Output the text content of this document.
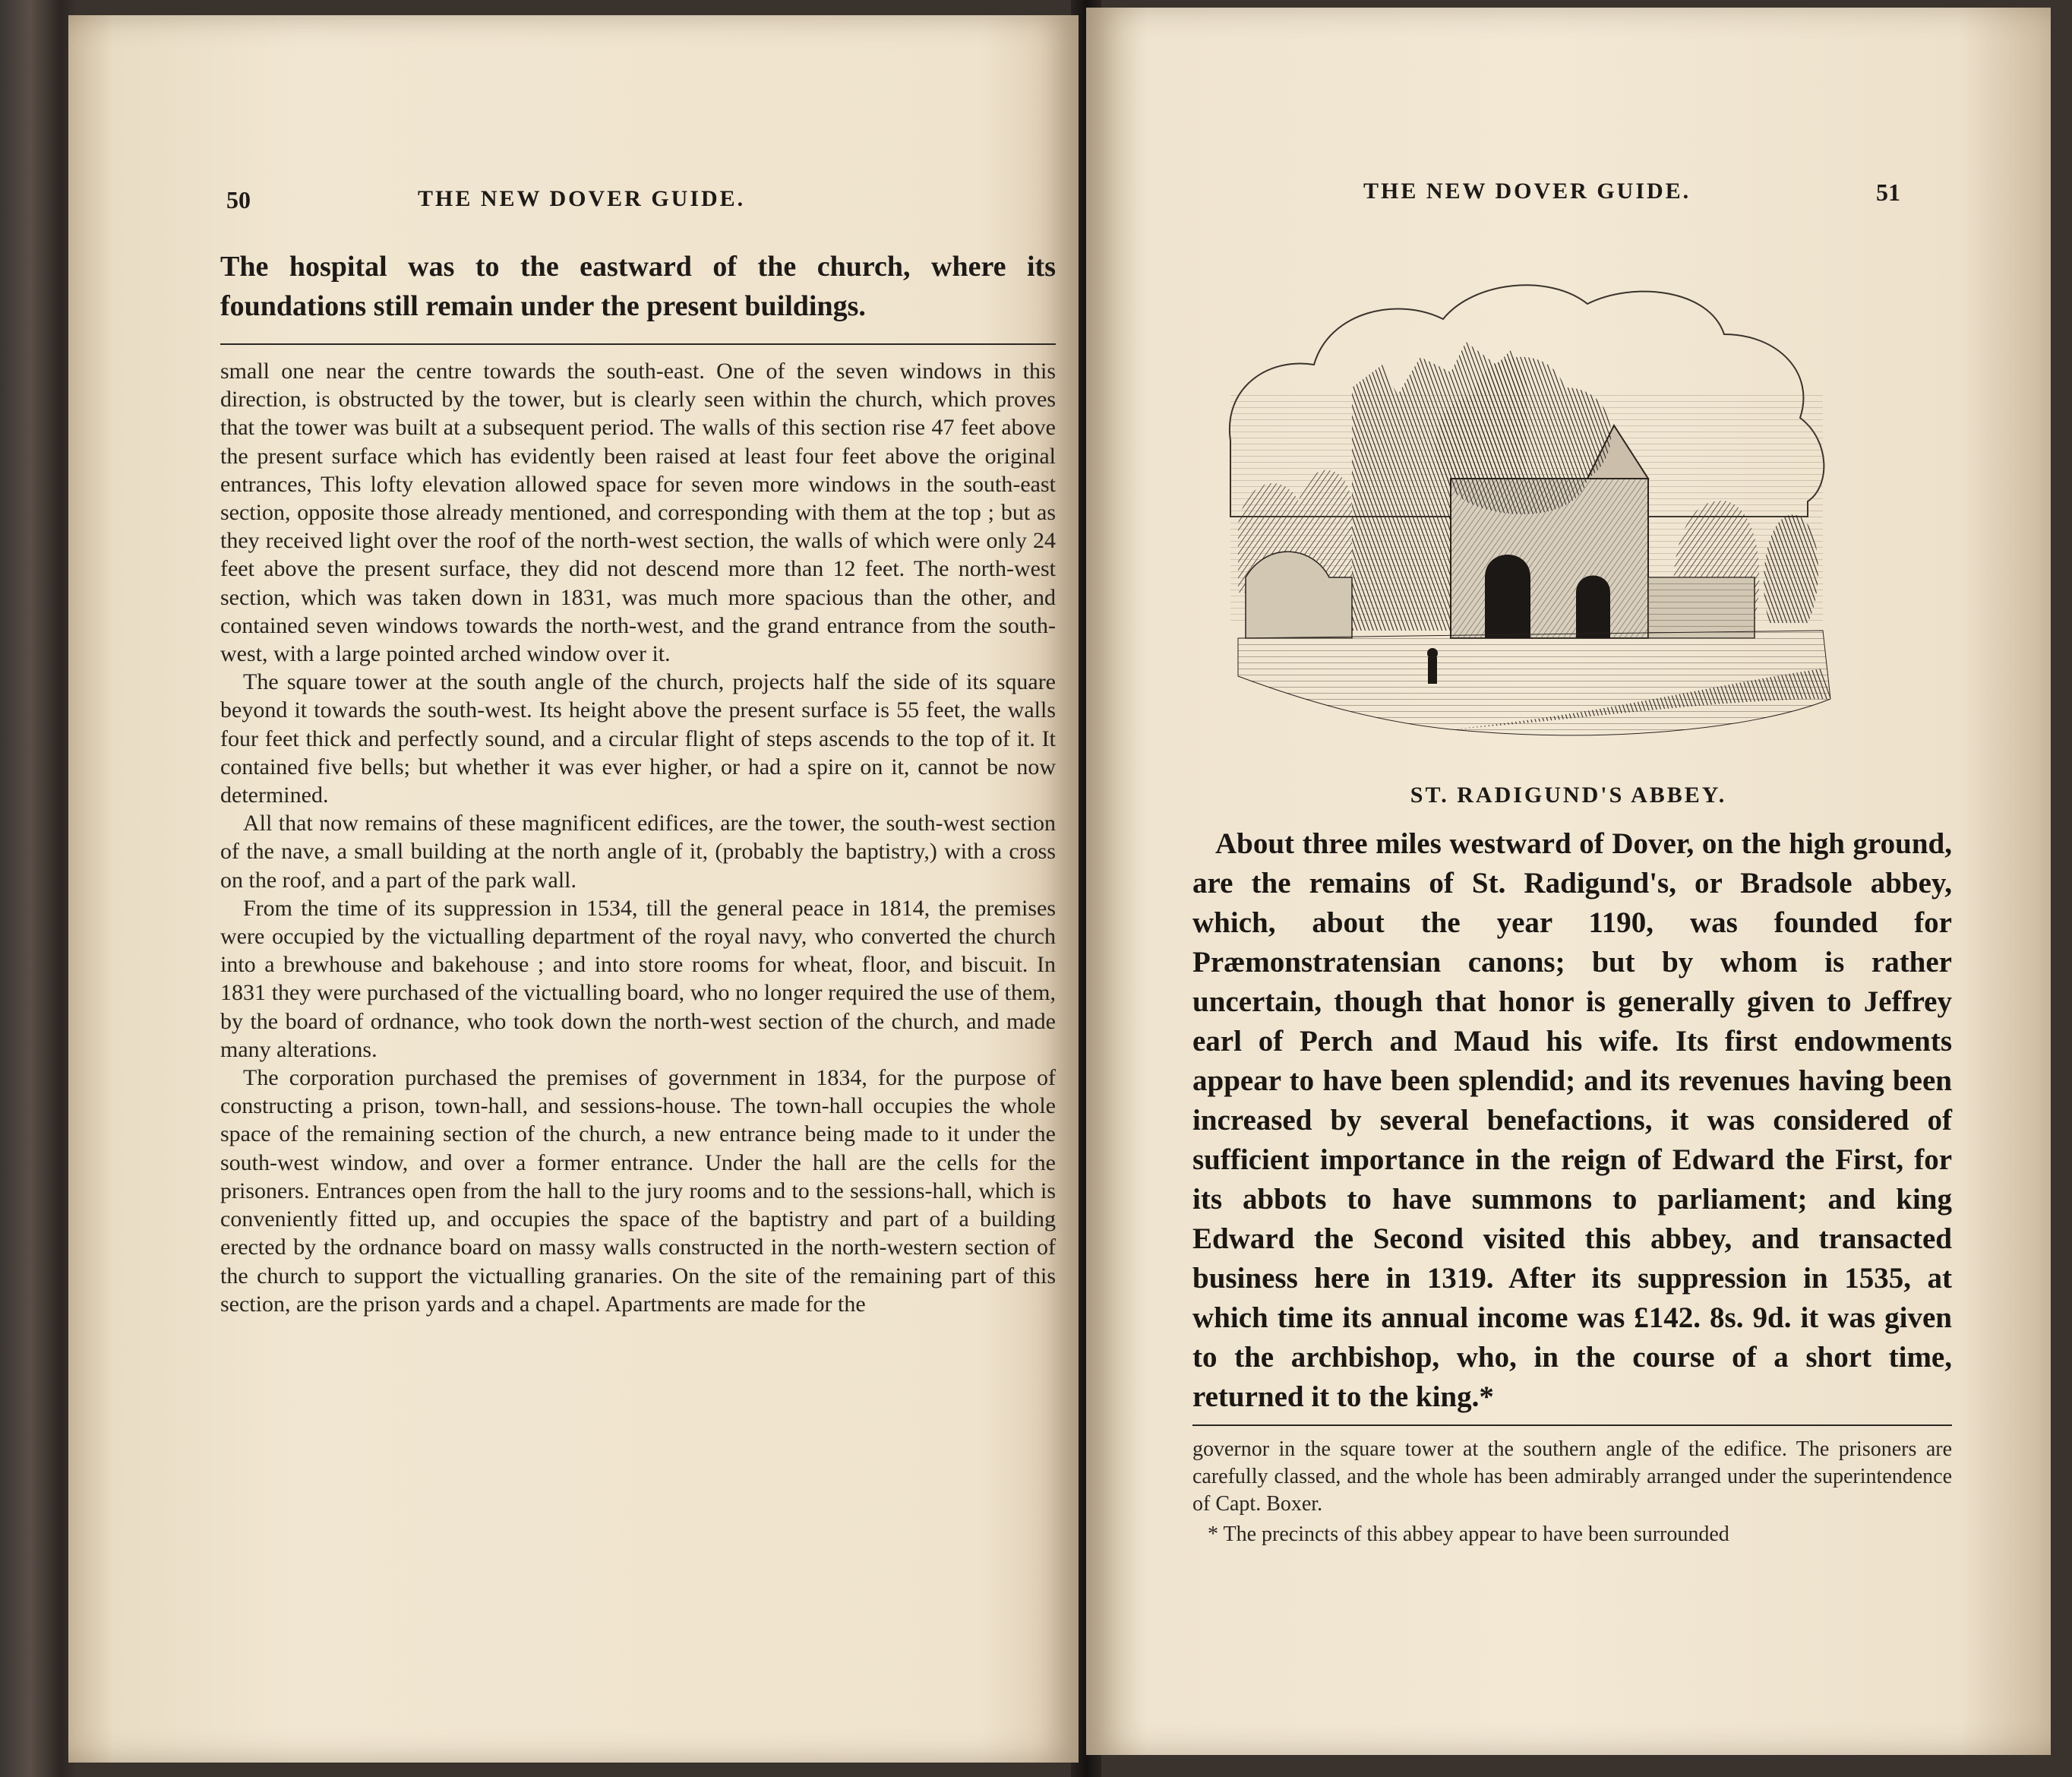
50	THE NEW DOVER GUIDE.
The hospital was to the eastward of the church, where its foundations still remain under the present buildings.

small one near the centre towards the south-east. One of the seven windows in this direction, is obstructed by the tower, but is clearly seen within the church, which proves that the tower was built at a subsequent period. The walls of this section rise 47 feet above the present surface which has evidently been raised at least four feet above the original entrances, This lofty elevation allowed space for seven more windows in the south-east section, opposite those already mentioned, and corresponding with them at the top ; but as they received light over the roof of the north-west section, the walls of which were only 24 feet above the present surface, they did not descend more than 12 feet. The north-west section, which was taken down in 1831, was much more spacious than the other, and contained seven windows towards the north-west, and the grand entrance from the south-west, with a large pointed arched window over it.

The square tower at the south angle of the church, projects half the side of its square beyond it towards the south-west. Its height above the present surface is 55 feet, the walls four feet thick and perfectly sound, and a circular flight of steps ascends to the top of it. It contained five bells; but whether it was ever higher, or had a spire on it, cannot be now determined.

All that now remains of these magnificent edifices, are the tower, the south-west section of the nave, a small building at the north angle of it, (probably the baptistry,) with a cross on the roof, and a part of the park wall.

From the time of its suppression in 1534, till the general peace in 1814, the premises were occupied by the victualling department of the royal navy, who converted the church into a brewhouse and bakehouse ; and into store rooms for wheat, floor, and biscuit. In 1831 they were purchased of the victualling board, who no longer required the use of them, by the board of ordnance, who took down the north-west section of the church, and made many alterations.

The corporation purchased the premises of government in 1834, for the purpose of constructing a prison, town-hall, and sessions-house. The town-hall occupies the whole space of the remaining section of the church, a new entrance being made to it under the south-west window, and over a former entrance. Under the hall are the cells for the prisoners. Entrances open from the hall to the jury rooms and to the sessions-hall, which is conveniently fitted up, and occupies the space of the baptistry and part of a building erected by the ordnance board on massy walls constructed in the north-western section of the church to support the victualling granaries. On the site of the remaining part of this section, are the prison yards and a chapel. Apartments are made for the

THE NEW DOVER GUIDE.	51
ST. RADIGUND'S ABBEY.

About three miles westward of Dover, on the high ground, are the remains of St. Radigund's, or Bradsole abbey, which, about the year 1190, was founded for Præmonstratensian canons; but by whom is rather uncertain, though that honor is generally given to Jeffrey earl of Perch and Maud his wife. Its first endowments appear to have been splendid; and its revenues having been increased by several benefactions, it was considered of sufficient importance in the reign of Edward the First, for its abbots to have summons to parliament; and king Edward the Second visited this abbey, and transacted business here in 1319. After its suppression in 1535, at which time its annual income was £142. 8s. 9d. it was given to the archbishop, who, in the course of a short time, returned it to the king.*

governor in the square tower at the southern angle of the edifice. The prisoners are carefully classed, and the whole has been admirably arranged under the superintendence of Capt. Boxer.

* The precincts of this abbey appear to have been surrounded
